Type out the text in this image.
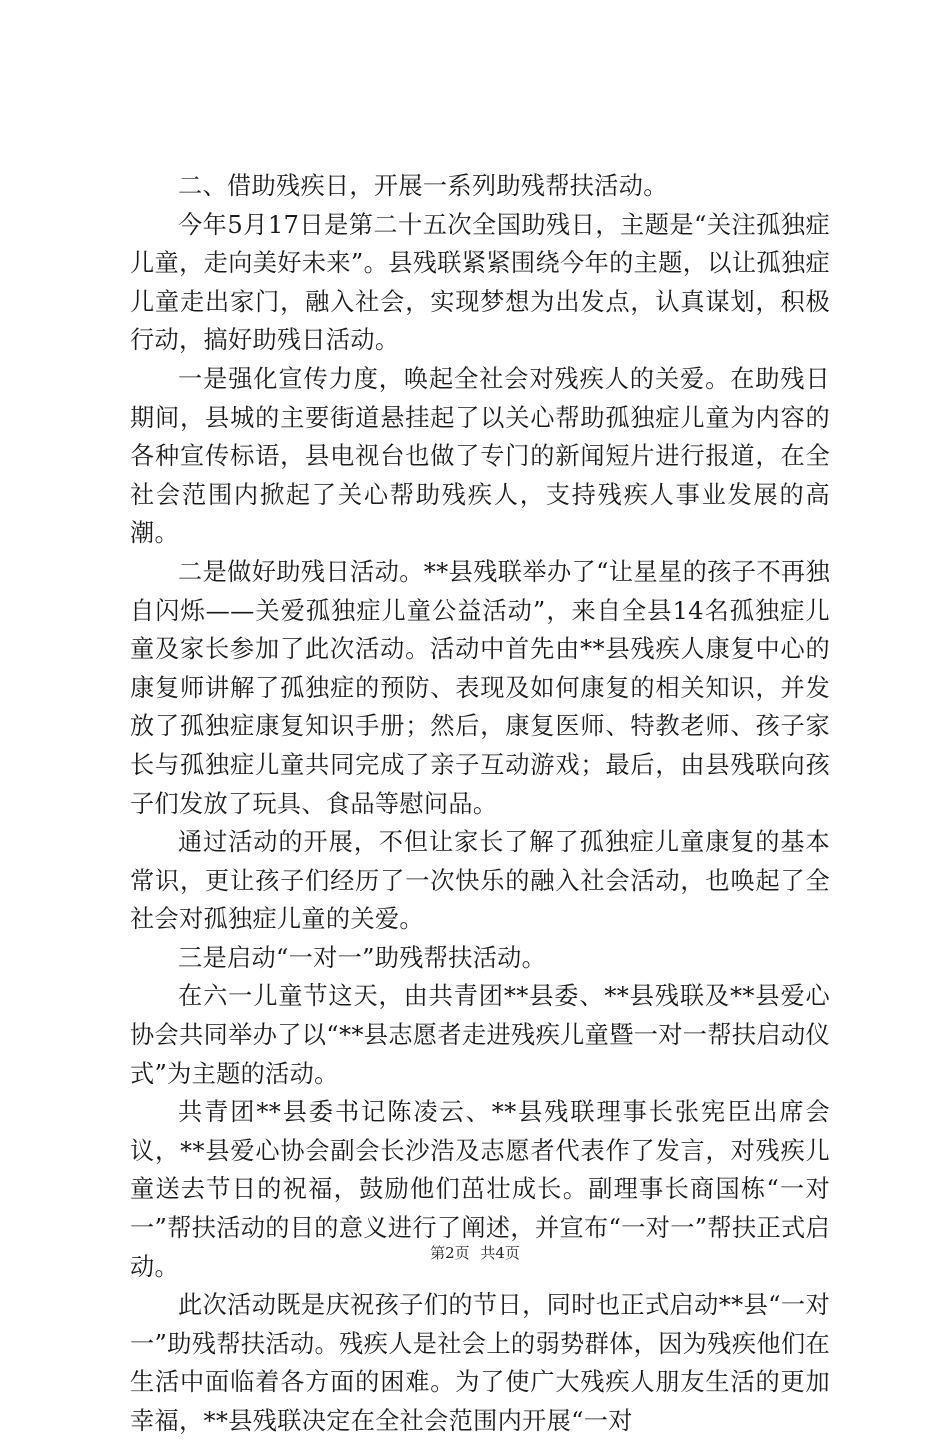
二、借助残疾日，开展一系列助残帮扶活动。

今年5月17日是第二十五次全国助残日，主题是“关注孤独症儿童，走向美好未来”。县残联紧紧围绕今年的主题，以让孤独症儿童走出家门，融入社会，实现梦想为出发点，认真谋划，积极行动，搞好助残日活动。

一是强化宣传力度，唤起全社会对残疾人的关爱。在助残日期间，县城的主要街道悬挂起了以关心帮助孤独症儿童为内容的各种宣传标语，县电视台也做了专门的新闻短片进行报道，在全社会范围内掀起了关心帮助残疾人，支持残疾人事业发展的高潮。

二是做好助残日活动。**县残联举办了“让星星的孩子不再独自闪烁——关爱孤独症儿童公益活动”，来自全县14名孤独症儿童及家长参加了此次活动。活动中首先由**县残疾人康复中心的康复师讲解了孤独症的预防、表现及如何康复的相关知识，并发放了孤独症康复知识手册；然后，康复医师、特教老师、孩子家长与孤独症儿童共同完成了亲子互动游戏；最后，由县残联向孩子们发放了玩具、食品等慰问品。

通过活动的开展，不但让家长了解了孤独症儿童康复的基本常识，更让孩子们经历了一次快乐的融入社会活动，也唤起了全社会对孤独症儿童的关爱。

三是启动“一对一”助残帮扶活动。

在六一儿童节这天，由共青团**县委、**县残联及**县爱心协会共同举办了以“**县志愿者走进残疾儿童暨一对一帮扶启动仪式”为主题的活动。

共青团**县委书记陈凌云、**县残联理事长张宪臣出席会议，**县爱心协会副会长沙浩及志愿者代表作了发言，对残疾儿童送去节日的祝福，鼓励他们茁壮成长。副理事长商国栋“一对一”帮扶活动的目的意义进行了阐述，并宣布“一对一”帮扶正式启动。

此次活动既是庆祝孩子们的节日，同时也正式启动**县“一对一”助残帮扶活动。残疾人是社会上的弱势群体，因为残疾他们在生活中面临着各方面的困难。为了使广大残疾人朋友生活的更加幸福，**县残联决定在全社会范围内开展“一对

第2页 共4页
